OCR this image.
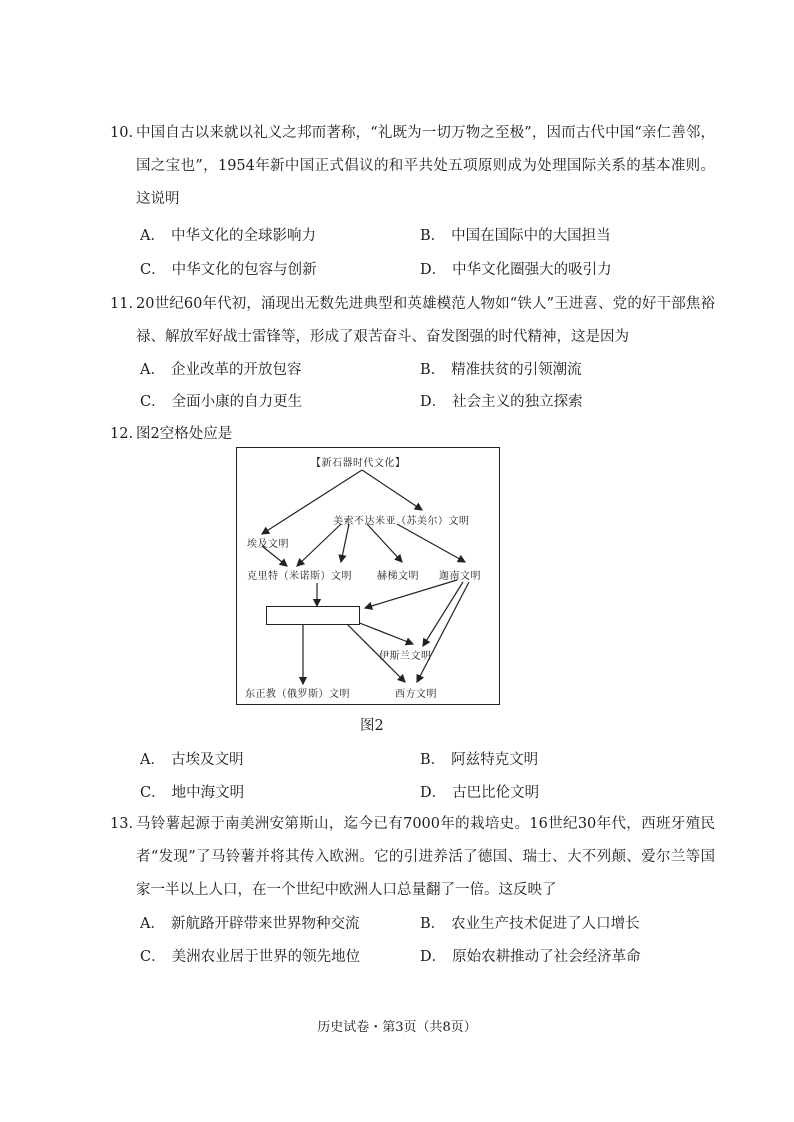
10. 中国自古以来就以礼义之邦而著称，“礼既为一切万物之至极”，因而古代中国“亲仁善邻，国之宝也”，1954年新中国正式倡议的和平共处五项原则成为处理国际关系的基本准则。这说明
A． 中华文化的全球影响力	B． 中国在国际中的大国担当
C． 中华文化的包容与创新	D． 中华文化圈强大的吸引力
11. 20世纪60年代初，涌现出无数先进典型和英雄模范人物如“铁人”王进喜、党的好干部焦裕禄、解放军好战士雷锋等，形成了艰苦奋斗、奋发图强的时代精神，这是因为
A． 企业改革的开放包容	B． 精准扶贫的引领潮流
C． 全面小康的自力更生	D． 社会主义的独立探索
12. 图2空格处应是
【新石器时代文化】
美索不达米亚（苏美尔）文明
埃及文明
克里特（米诺斯）文明	赫梯文明 迦南文明
伊斯兰文明
东正教（俄罗斯）文明	西方文明
图2
A． 古埃及文明	B． 阿兹特克文明
C． 地中海文明	D． 古巴比伦文明
13. 马铃薯起源于南美洲安第斯山，迄今已有7000年的栽培史。16世纪30年代，西班牙殖民者“发现”了马铃薯并将其传入欧洲。它的引进养活了德国、瑞士、大不列颠、爱尔兰等国家一半以上人口，在一个世纪中欧洲人口总量翻了一倍。这反映了
A． 新航路开辟带来世界物种交流	B． 农业生产技术促进了人口增长
C． 美洲农业居于世界的领先地位	D． 原始农耕推动了社会经济革命
历史试卷・第3页（共8页）
